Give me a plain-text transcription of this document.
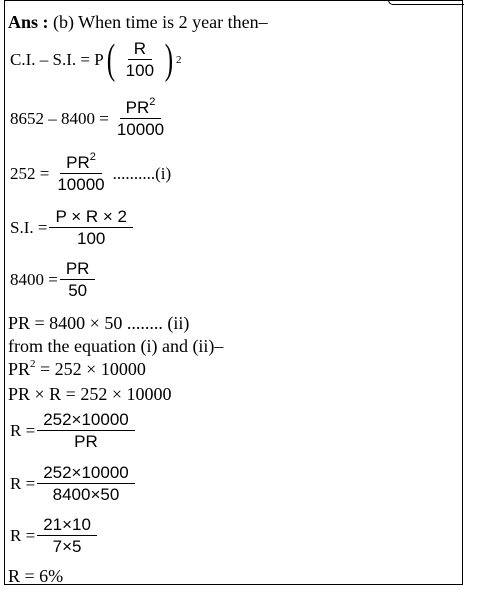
Ans : (b) When time is 2 year then–
C.I. – S.I. = P ( $\frac{R}{100}$ ) 2
$8652 - 8400 = \frac{PR^2}{10000}$
$252 = \frac{PR^2}{10000} ..........(i)$
S.I. = $\frac{P \times R \times 2}{100}$
$8400 = \frac{PR}{50}$
PR = 8400 × 50 ........ (ii)
from the equation (i) and (ii)–
$PR^2 = 252 \times 10000$
PR × R = 252 × 10000
$R = \frac{252\times 10000}{PR}$
$R = \frac{252\times 10000}{8400\times 50}$
$R = \frac{21\times 10}{7\times 5}$
R = 6%
